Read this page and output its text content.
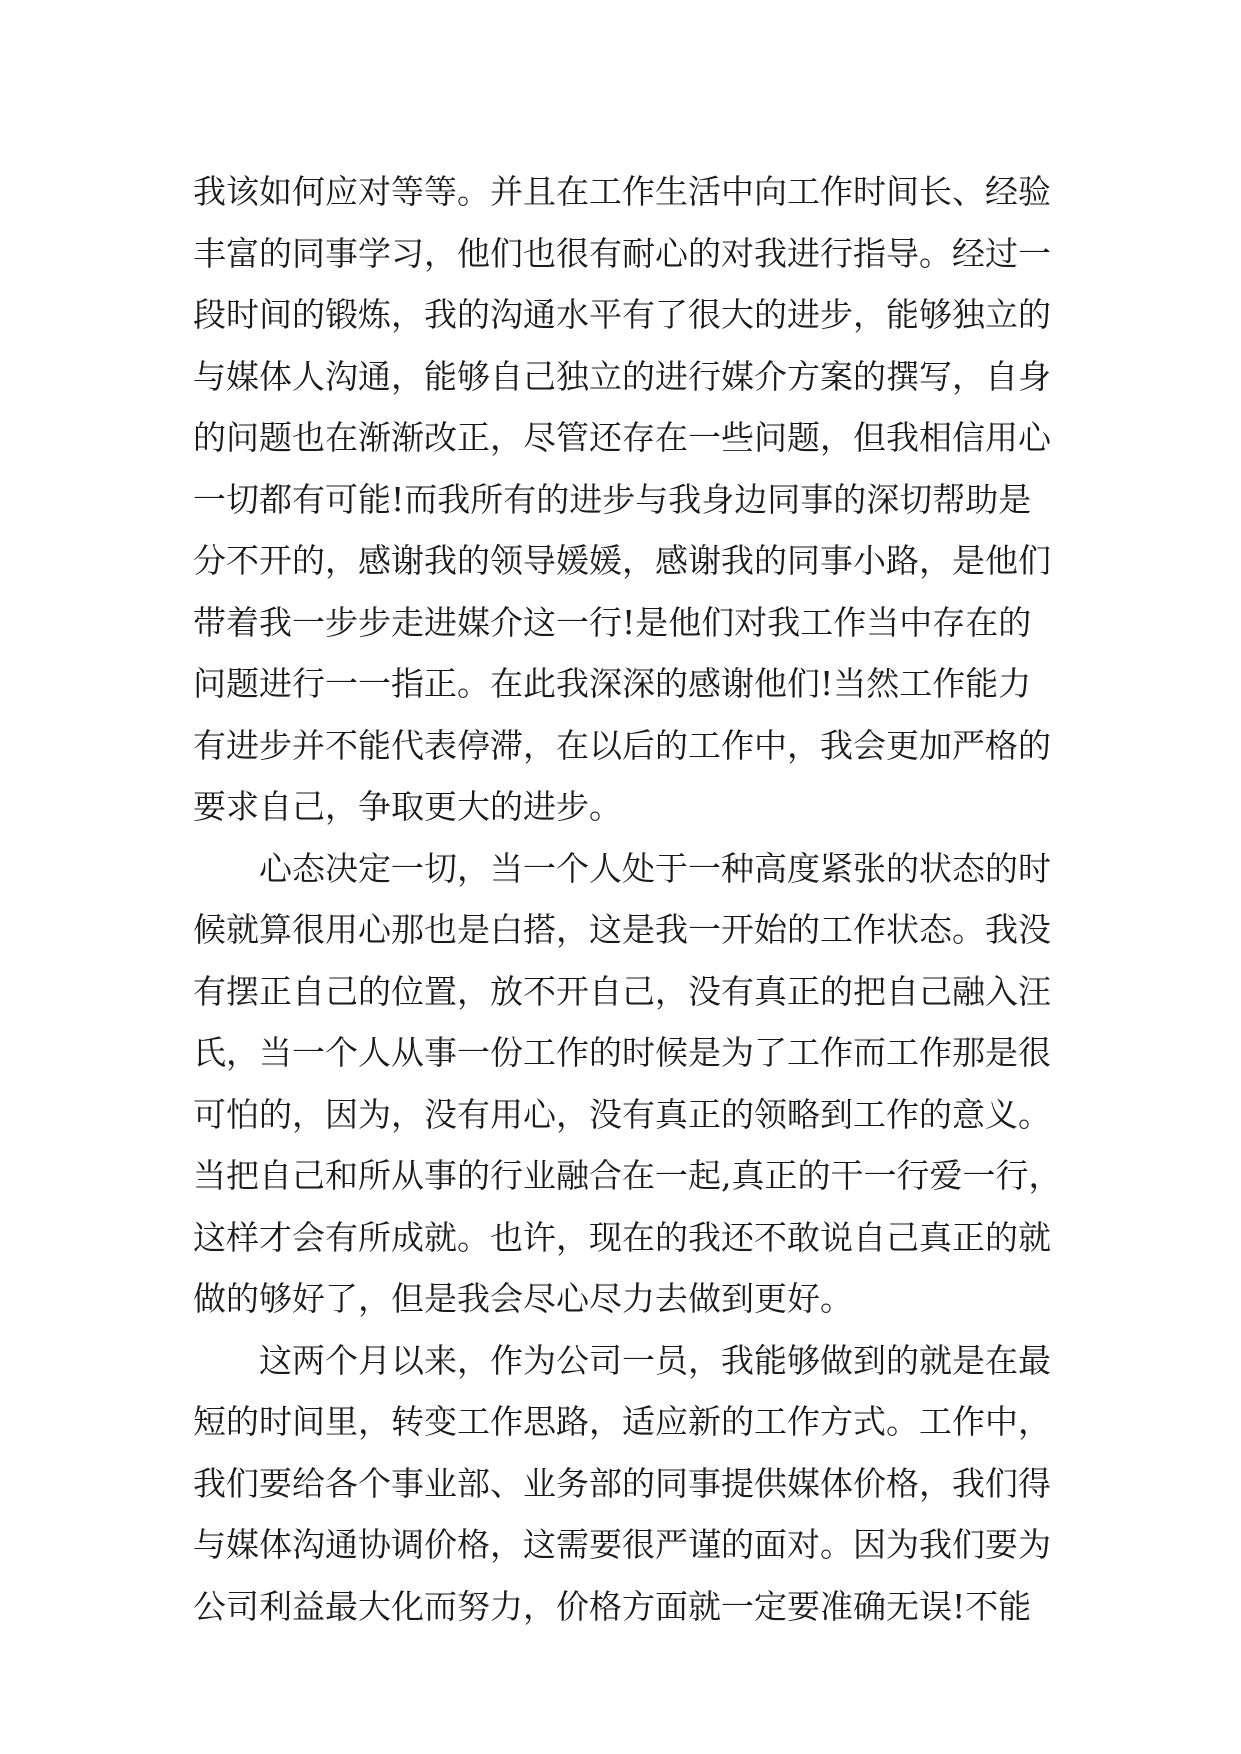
我该如何应对等等。并且在工作生活中向工作时间长、经验
丰富的同事学习，他们也很有耐心的对我进行指导。经过一
段时间的锻炼，我的沟通水平有了很大的进步，能够独立的
与媒体人沟通，能够自己独立的进行媒介方案的撰写，自身
的问题也在渐渐改正，尽管还存在一些问题，但我相信用心
一切都有可能!而我所有的进步与我身边同事的深切帮助是
分不开的，感谢我的领导媛媛，感谢我的同事小路，是他们
带着我一步步走进媒介这一行!是他们对我工作当中存在的
问题进行一一指正。在此我深深的感谢他们!当然工作能力
有进步并不能代表停滞，在以后的工作中，我会更加严格的
要求自己，争取更大的进步。
心态决定一切，当一个人处于一种高度紧张的状态的时
候就算很用心那也是白搭，这是我一开始的工作状态。我没
有摆正自己的位置，放不开自己，没有真正的把自己融入汪
氏，当一个人从事一份工作的时候是为了工作而工作那是很
可怕的，因为，没有用心，没有真正的领略到工作的意义。
当把自己和所从事的行业融合在一起,真正的干一行爱一行，
这样才会有所成就。也许，现在的我还不敢说自己真正的就
做的够好了，但是我会尽心尽力去做到更好。
这两个月以来，作为公司一员，我能够做到的就是在最
短的时间里，转变工作思路，适应新的工作方式。工作中，
我们要给各个事业部、业务部的同事提供媒体价格，我们得
与媒体沟通协调价格，这需要很严谨的面对。因为我们要为
公司利益最大化而努力，价格方面就一定要准确无误!不能
